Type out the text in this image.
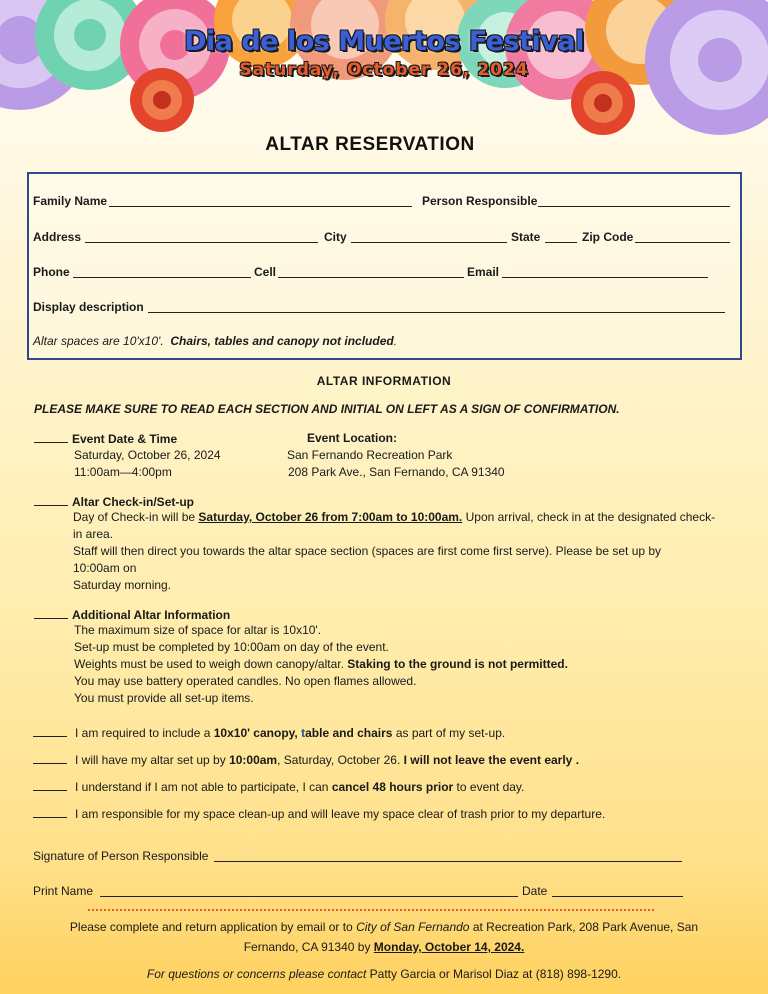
Dia de los Muertos Festival
Saturday, October 26, 2024
ALTAR RESERVATION
Family Name	Person Responsible
Address	City	State	Zip Code
Phone	Cell	Email
Display description
Altar spaces are 10'x10'. Chairs, tables and canopy not included.
ALTAR INFORMATION
PLEASE MAKE SURE TO READ EACH SECTION AND INITIAL ON LEFT AS A SIGN OF CONFIRMATION.
Event Date & Time	Event Location:
Saturday, October 26, 2024	San Fernando Recreation Park
11:00am—4:00pm	208 Park Ave., San Fernando, CA 91340
Altar Check-in/Set-up
Day of Check-in will be Saturday, October 26 from 7:00am to 10:00am. Upon arrival, check in at the designated check-
in area.
Staff will then direct you towards the altar space section (spaces are first come first serve). Please be set up by
10:00am on
Saturday morning.
Additional Altar Information
The maximum size of space for altar is 10x10'.
Set-up must be completed by 10:00am on day of the event.
Weights must be used to weigh down canopy/altar. Staking to the ground is not permitted.
You may use battery operated candles. No open flames allowed.
You must provide all set-up items.
I am required to include a 10x10' canopy, table and chairs as part of my set-up.
I will have my altar set up by 10:00am, Saturday, October 26. I will not leave the event early .
I understand if I am not able to participate, I can cancel 48 hours prior to event day.
I am responsible for my space clean-up and will leave my space clear of trash prior to my departure.
Signature of Person Responsible
Print Name	Date
Please complete and return application by email or to City of San Fernando at Recreation Park, 208 Park Avenue, San
Fernando, CA 91340 by Monday, October 14, 2024.
For questions or concerns please contact Patty Garcia or Marisol Diaz at (818) 898-1290.
